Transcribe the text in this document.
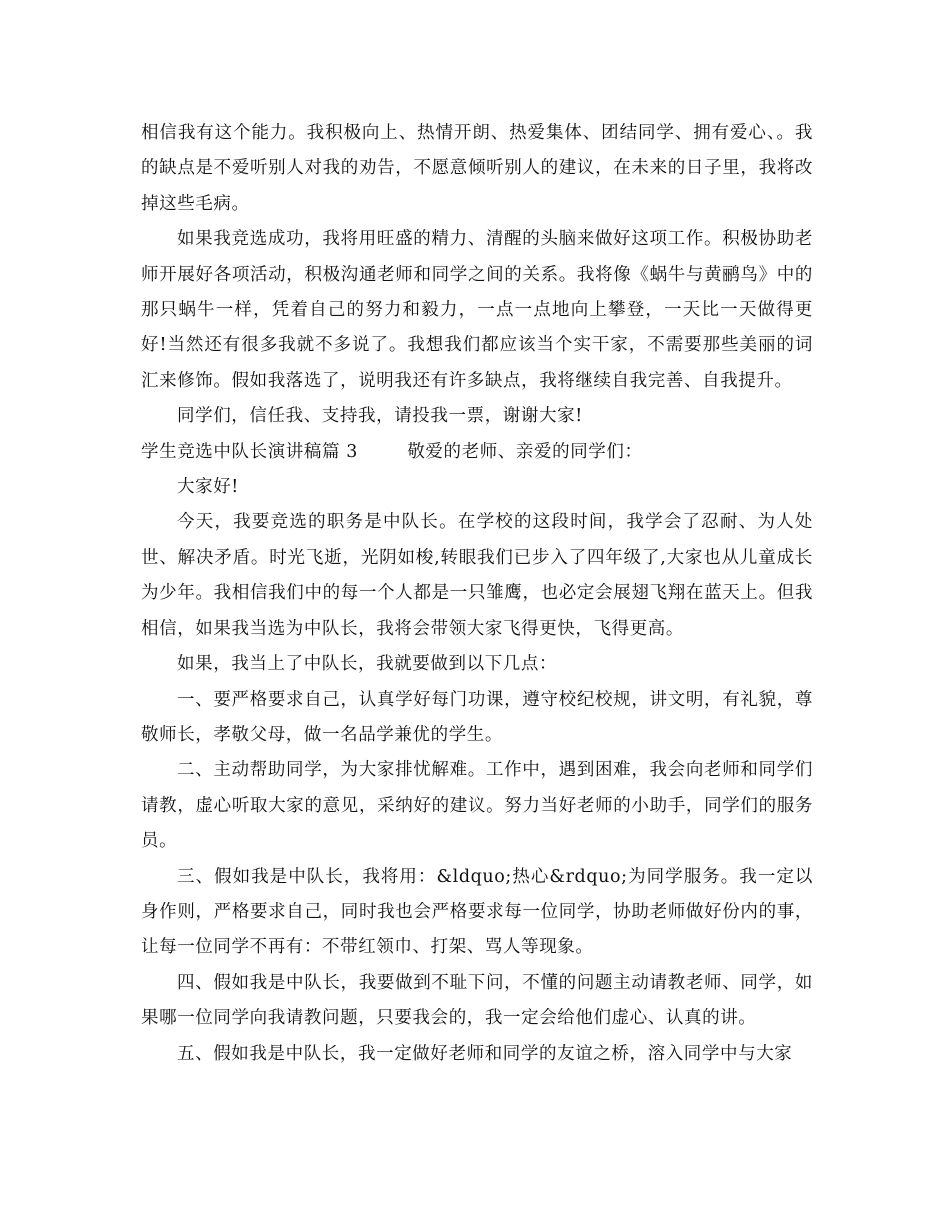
相信我有这个能力。我积极向上、热情开朗、热爱集体、团结同学、拥有爱心、。我的缺点是不爱听别人对我的劝告，不愿意倾听别人的建议，在未来的日子里，我将改掉这些毛病。

如果我竞选成功，我将用旺盛的精力、清醒的头脑来做好这项工作。积极协助老师开展好各项活动，积极沟通老师和同学之间的关系。我将像《蜗牛与黄鹂鸟》中的那只蜗牛一样，凭着自己的努力和毅力，一点一点地向上攀登，一天比一天做得更好!当然还有很多我就不多说了。我想我们都应该当个实干家，不需要那些美丽的词汇来修饰。假如我落选了，说明我还有许多缺点，我将继续自我完善、自我提升。

同学们，信任我、支持我，请投我一票，谢谢大家!

学生竞选中队长演讲稿篇 3	敬爱的老师、亲爱的同学们：

大家好!

今天，我要竞选的职务是中队长。在学校的这段时间，我学会了忍耐、为人处世、解决矛盾。时光飞逝，光阴如梭,转眼我们已步入了四年级了,大家也从儿童成长为少年。我相信我们中的每一个人都是一只雏鹰，也必定会展翅飞翔在蓝天上。但我相信，如果我当选为中队长，我将会带领大家飞得更快，飞得更高。

如果，我当上了中队长，我就要做到以下几点：

一、要严格要求自己，认真学好每门功课，遵守校纪校规，讲文明，有礼貌，尊敬师长，孝敬父母，做一名品学兼优的学生。

二、主动帮助同学，为大家排忧解难。工作中，遇到困难，我会向老师和同学们请教，虚心听取大家的意见，采纳好的建议。努力当好老师的小助手，同学们的服务员。

三、假如我是中队长，我将用：&ldquo;热心&rdquo;为同学服务。我一定以身作则，严格要求自己，同时我也会严格要求每一位同学，协助老师做好份内的事，让每一位同学不再有：不带红领巾、打架、骂人等现象。

四、假如我是中队长，我要做到不耻下问，不懂的问题主动请教老师、同学，如果哪一位同学向我请教问题，只要我会的，我一定会给他们虚心、认真的讲。

五、假如我是中队长，我一定做好老师和同学的友谊之桥，溶入同学中与大家
